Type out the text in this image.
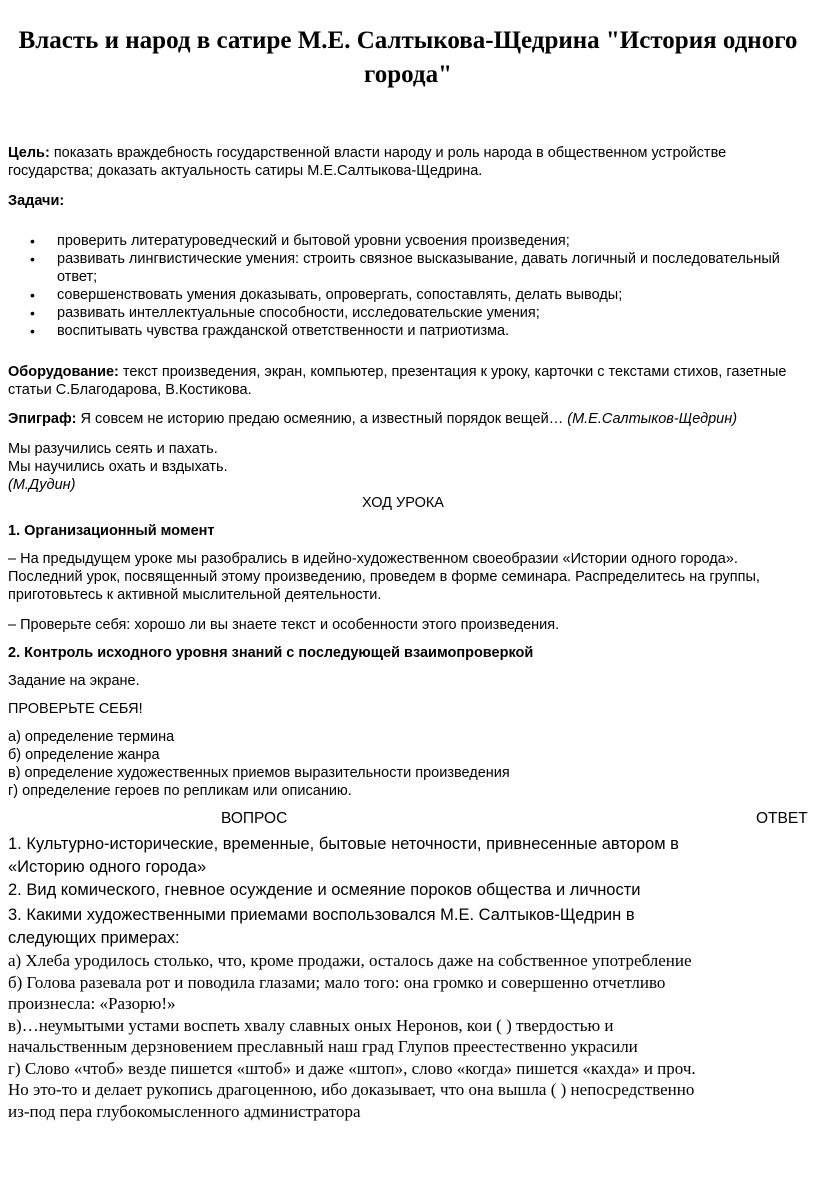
Власть и народ в сатире М.Е. Салтыкова-Щедрина "История одного города"

Цель: показать враждебность государственной власти народу и роль народа в общественном устройстве государства; доказать актуальность сатиры М.Е.Салтыкова-Щедрина.

Задачи:

• проверить литературоведческий и бытовой уровни усвоения произведения;
• развивать лингвистические умения: строить связное высказывание, давать логичный и последовательный ответ;
• совершенствовать умения доказывать, опровергать, сопоставлять, делать выводы;
• развивать интеллектуальные способности, исследовательские умения;
• воспитывать чувства гражданской ответственности и патриотизма.

Оборудование: текст произведения, экран, компьютер, презентация к уроку, карточки с текстами стихов, газетные статьи С.Благодарова, В.Костикова.

Эпиграф: Я совсем не историю предаю осмеянию, а известный порядок вещей… (М.Е.Салтыков-Щедрин)

Мы разучились сеять и пахать.
Мы научились охать и вздыхать.
(М.Дудин)
ХОД УРОКА

1. Организационный момент

– На предыдущем уроке мы разобрались в идейно-художественном своеобразии «Истории одного города». Последний урок, посвященный этому произведению, проведем в форме семинара. Распределитесь на группы, приготовьтесь к активной мыслительной деятельности.

– Проверьте себя: хорошо ли вы знаете текст и особенности этого произведения.

2. Контроль исходного уровня знаний с последующей взаимопроверкой

Задание на экране.

ПРОВЕРЬТЕ СЕБЯ!

а) определение термина
б) определение жанра
в) определение художественных приемов выразительности произведения
г) определение героев по репликам или описанию.
ВОПРОС	ОТВЕТ

1. Культурно-исторические, временные, бытовые неточности, привнесенные автором в «Историю одного города»

2. Вид комического, гневное осуждение и осмеяние пороков общества и личности

3. Какими художественными приемами воспользовался М.Е. Салтыков-Щедрин в следующих примерах:

а) Хлеба уродилось столько, что, кроме продажи, осталось даже на собственное употребление
б) Голова разевала рот и поводила глазами; мало того: она громко и совершенно отчетливо произнесла: «Разорю!»
в)…неумытыми устами воспеть хвалу славных оных Неронов, кои ( ) твердостью и начальственным дерзновением преславный наш град Глупов преестественно украсили
г) Слово «чтоб» везде пишется «штоб» и даже «штоп», слово «когда» пишется «кахда» и проч. Но это-то и делает рукопись драгоценною, ибо доказывает, что она вышла ( ) непосредственно из-под пера глубокомысленного администратора
